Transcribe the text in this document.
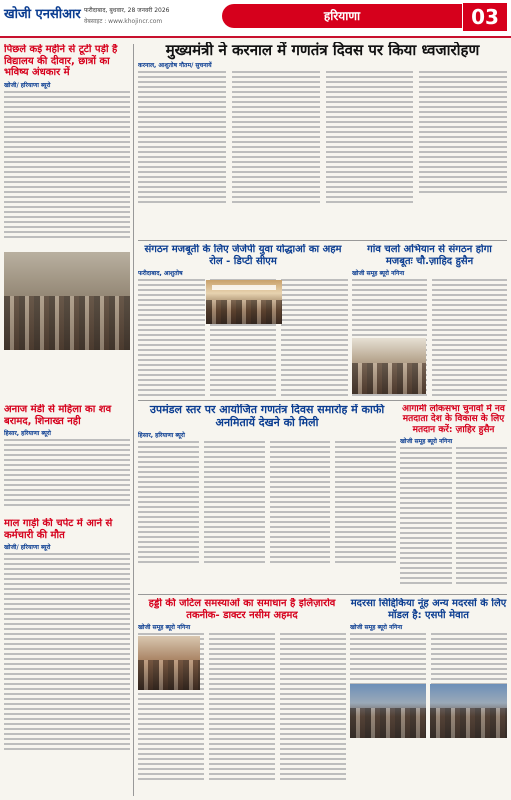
खोजी एनसीआर फरीदाबाद, बुधवार, 28 जनवरी 2026
वेबसाइट : www.khojincr.com	हरियाणा	03
पिछले कई महीने से टूटी पड़ी है विद्यालय की दीवार, छात्रों का भविष्य अंधकार में
खोजी/ हरियाणा ब्यूरो
अनाज मंडी से महिला का शव बरामद, शिनाख्त नही
हिसार, हरियाणा ब्यूरो
माल गाड़ी की चपेट में आने से कर्मचारी की मौत
खोजी/ हरियाणा ब्यूरो
मुख्यमंत्री ने करनाल में गणतंत्र दिवस पर किया ध्वजारोहण
करनाल, आशुतोष गौतम/ सुचनायें
संगठन मजबूती के लिए जेजेपी युवा योद्धाओं का अहम रोल - डिप्टी सीएम
फरीदाबाद, आशुतोष
गांव चलो अभियान से संगठन होगा मजबूतः चौ.ज़ाहिद हुसैन
खोजी समूह ब्यूरो नगिना
उपमंडल स्तर पर आयोजित गणतंत्र दिवस समारोह में काफी अनमितायें देखने को मिली
हिसार, हरियाणा ब्यूरो
आगामी लोकसभा चुनावों में नव मतदाता देश के विकास के लिए मतदान करें: ज़ाहिर हुसैन
खोजी समूह ब्यूरो नगिना
हड्डी की जटिल समस्याओं का समाधान है इलिज़ारोव तकनीक- डाक्टर नसीम अहमद
खोजी समूह ब्यूरो नगिना
मदरसा सिद्दिकिया नूंह अन्य मदरसों के लिए मॉडल है: एसपी मेवात
खोजी समूह ब्यूरो नगिना
